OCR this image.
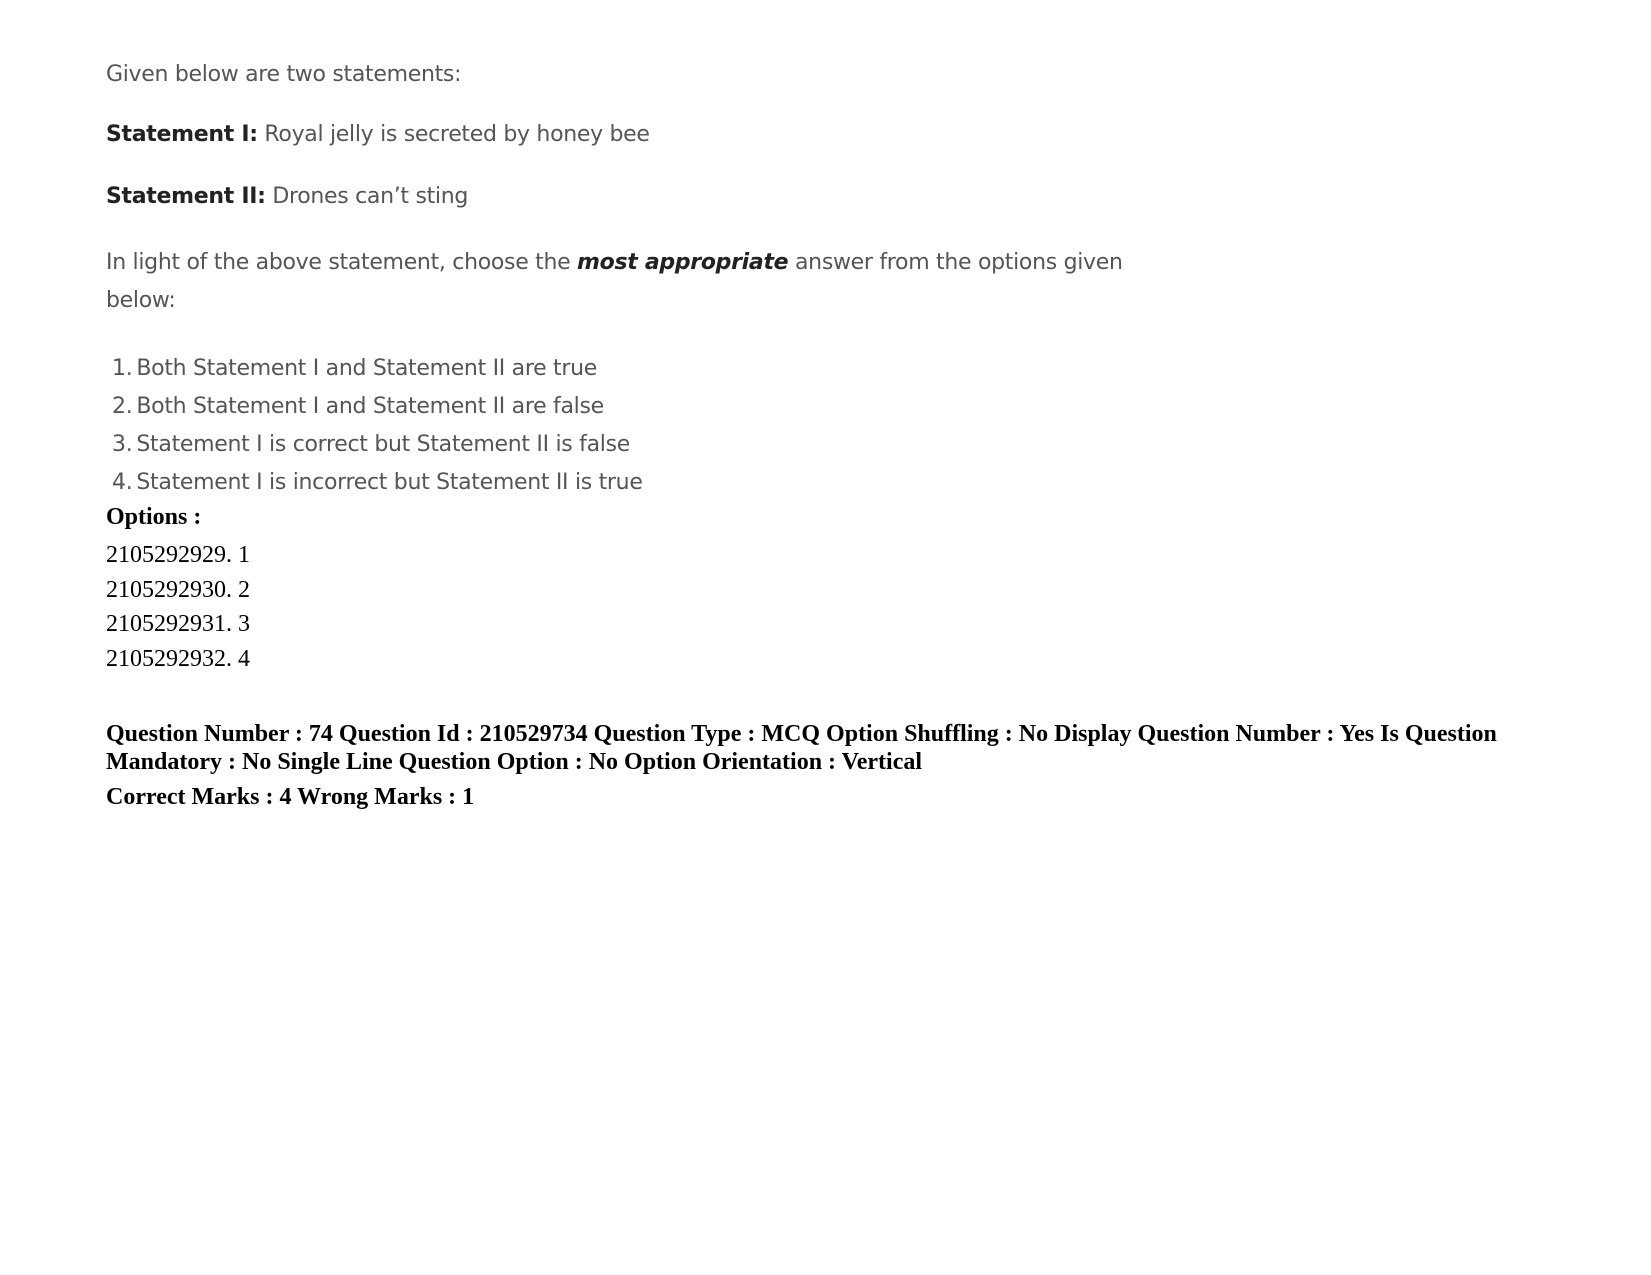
Given below are two statements:
Statement I: Royal jelly is secreted by honey bee
Statement II: Drones can’t sting
In light of the above statement, choose the most appropriate answer from the options given below:
1. Both Statement I and Statement II are true
2. Both Statement I and Statement II are false
3. Statement I is correct but Statement II is false
4. Statement I is incorrect but Statement II is true
Options :
2105292929. 1
2105292930. 2
2105292931. 3
2105292932. 4
Question Number : 74 Question Id : 210529734 Question Type : MCQ Option Shuffling : No Display Question Number : Yes Is Question Mandatory : No Single Line Question Option : No Option Orientation : Vertical
Correct Marks : 4 Wrong Marks : 1
